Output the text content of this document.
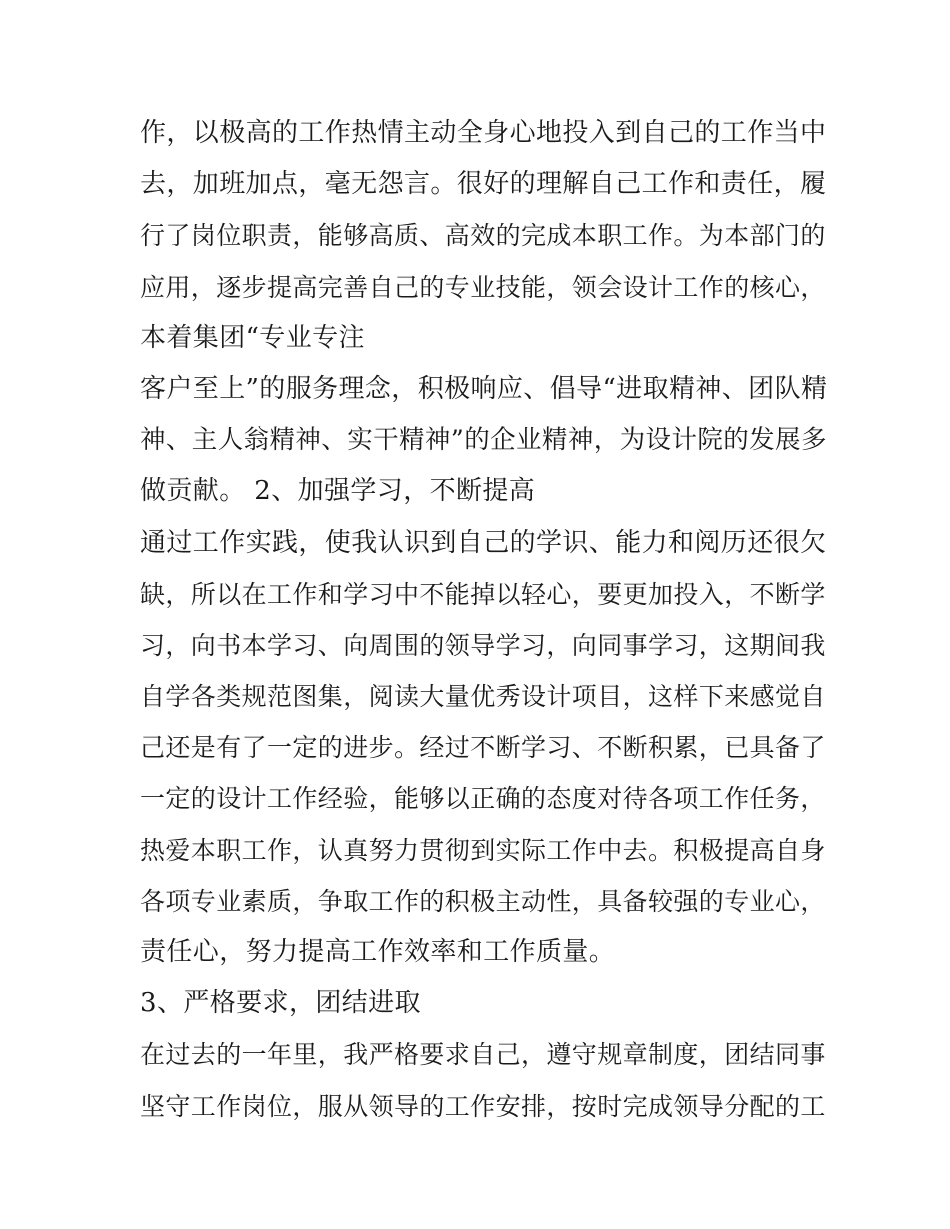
作，以极高的工作热情主动全身心地投入到自己的工作当中
去，加班加点，毫无怨言。很好的理解自己工作和责任，履
行了岗位职责，能够高质、高效的完成本职工作。为本部门的
应用，逐步提高完善自己的专业技能，领会设计工作的核心，
本着集团“专业专注
客户至上”的服务理念，积极响应、倡导“进取精神、团队精
神、主人翁精神、实干精神”的企业精神，为设计院的发展多
做贡献。 2、加强学习，不断提高
通过工作实践，使我认识到自己的学识、能力和阅历还很欠
缺，所以在工作和学习中不能掉以轻心，要更加投入，不断学
习，向书本学习、向周围的领导学习，向同事学习，这期间我
自学各类规范图集，阅读大量优秀设计项目，这样下来感觉自
己还是有了一定的进步。经过不断学习、不断积累，已具备了
一定的设计工作经验，能够以正确的态度对待各项工作任务，
热爱本职工作，认真努力贯彻到实际工作中去。积极提高自身
各项专业素质，争取工作的积极主动性，具备较强的专业心，
责任心，努力提高工作效率和工作质量。
3、严格要求，团结进取
在过去的一年里，我严格要求自己，遵守规章制度，团结同事
坚守工作岗位，服从领导的工作安排，按时完成领导分配的工
